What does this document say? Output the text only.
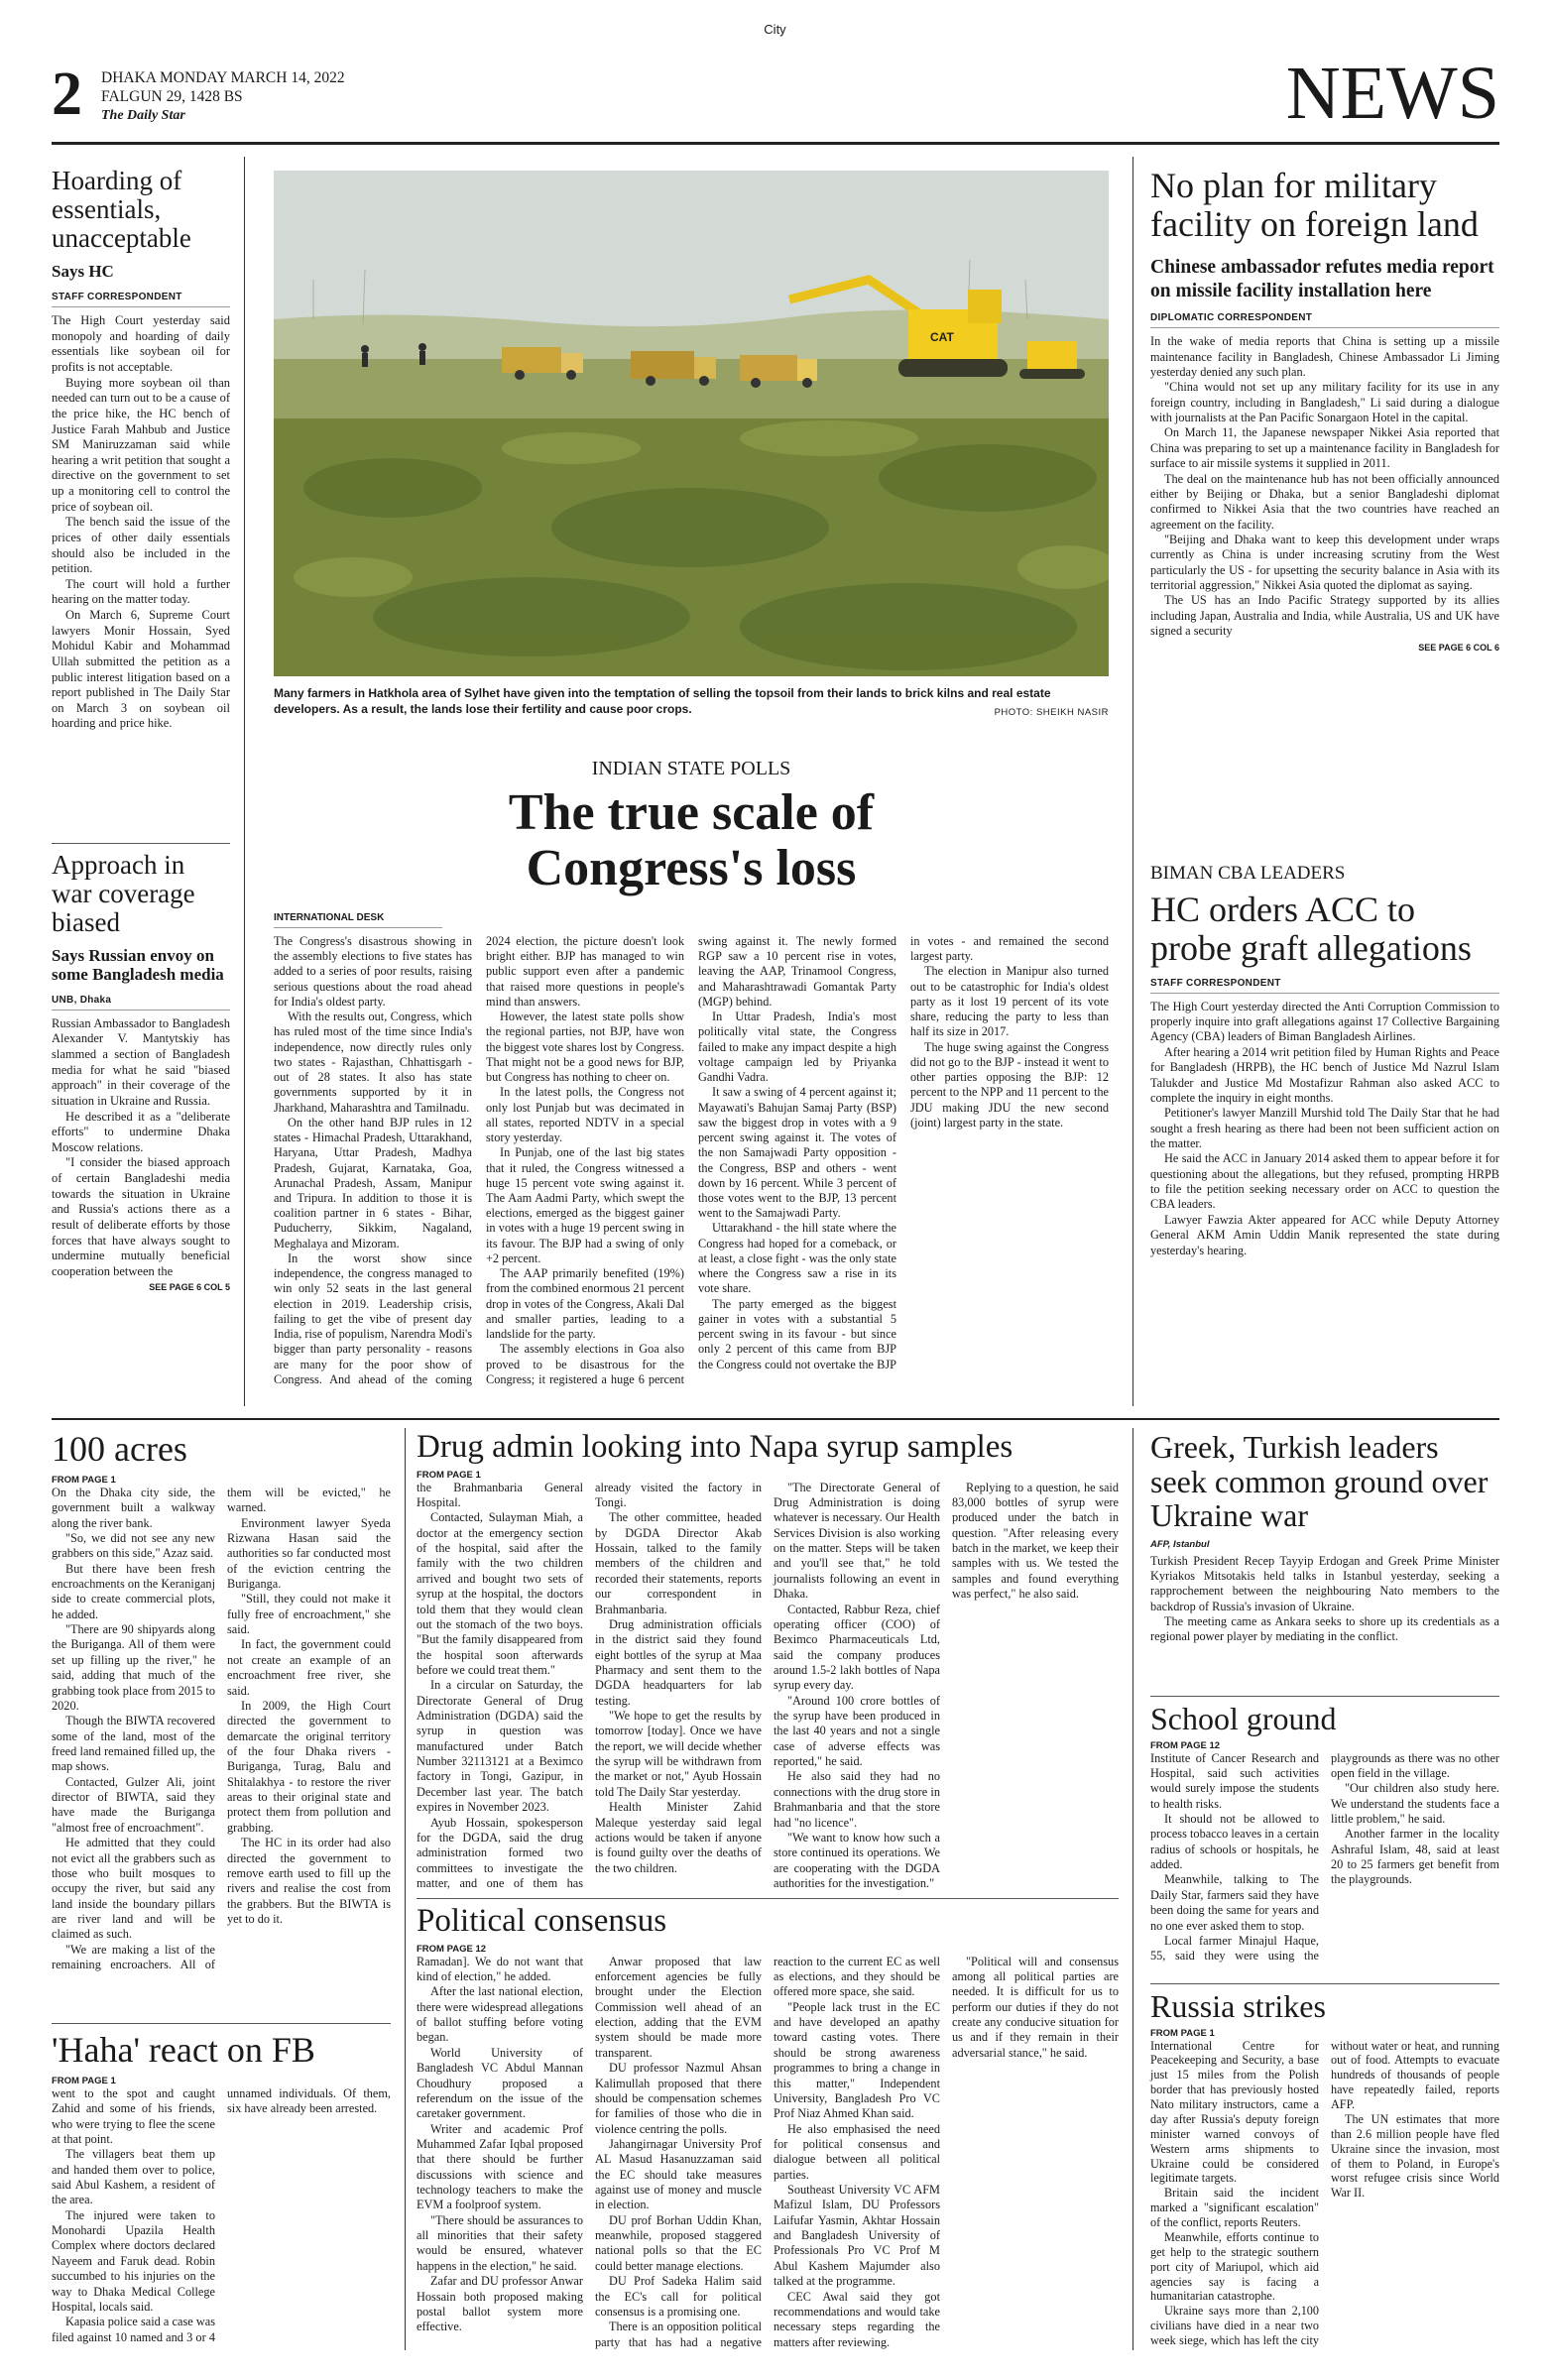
City
2 DHAKA MONDAY MARCH 14, 2022
FALGUN 29, 1428 BS
The Daily Star	NEWS
Hoarding of essentials, unacceptable
Says HC
STAFF CORRESPONDENT

The High Court yesterday said monopoly and hoarding of daily essentials like soybean oil for profits is not acceptable.

Buying more soybean oil than needed can turn out to be a cause of the price hike, the HC bench of Justice Farah Mahbub and Justice SM Maniruzzaman said while hearing a writ petition that sought a directive on the government to set up a monitoring cell to control the price of soybean oil.

The bench said the issue of the prices of other daily essentials should also be included in the petition.

The court will hold a further hearing on the matter today.

On March 6, Supreme Court lawyers Monir Hossain, Syed Mohidul Kabir and Mohammad Ullah submitted the petition as a public interest litigation based on a report published in The Daily Star on March 3 on soybean oil hoarding and price hike.

Approach in war coverage biased
Says Russian envoy on some Bangladesh media
UNB, Dhaka

Russian Ambassador to Bangladesh Alexander V. Mantytskiy has slammed a section of Bangladesh media for what he said "biased approach" in their coverage of the situation in Ukraine and Russia.

He described it as a "deliberate efforts" to undermine Dhaka Moscow relations.

"I consider the biased approach of certain Bangladeshi media towards the situation in Ukraine and Russia's actions there as a result of deliberate efforts by those forces that have always sought to undermine mutually beneficial cooperation between the

SEE PAGE 6 COL 5
CAT
Many farmers in Hatkhola area of Sylhet have given into the temptation of selling the topsoil from their lands to brick kilns and real estate developers. As a result, the lands lose their fertility and cause poor crops.	PHOTO: SHEIKH NASIR
INDIAN STATE POLLS
The true scale of Congress's loss
INTERNATIONAL DESK

The Congress's disastrous showing in the assembly elections to five states has added to a series of poor results, raising serious questions about the road ahead for India's oldest party.

With the results out, Congress, which has ruled most of the time since India's independence, now directly rules only two states - Rajasthan, Chhattisgarh - out of 28 states. It also has state governments supported by it in Jharkhand, Maharashtra and Tamilnadu.

On the other hand BJP rules in 12 states - Himachal Pradesh, Uttarakhand, Haryana, Uttar Pradesh, Madhya Pradesh, Gujarat, Karnataka, Goa, Arunachal Pradesh, Assam, Manipur and Tripura. In addition to those it is coalition partner in 6 states - Bihar, Puducherry, Sikkim, Nagaland, Meghalaya and Mizoram.

In the worst show since independence, the congress managed to win only 52 seats in the last general election in 2019. Leadership crisis, failing to get the vibe of present day India, rise of populism, Narendra Modi's bigger than party personality - reasons are many for the poor show of Congress. And ahead of the coming 2024 election, the picture doesn't look bright either. BJP has managed to win public support even after a pandemic that raised more questions in people's mind than answers.

However, the latest state polls show the regional parties, not BJP, have won the biggest vote shares lost by Congress. That might not be a good news for BJP, but Congress has nothing to cheer on.

In the latest polls, the Congress not only lost Punjab but was decimated in all states, reported NDTV in a special story yesterday.

In Punjab, one of the last big states that it ruled, the Congress witnessed a huge 15 percent vote swing against it. The Aam Aadmi Party, which swept the elections, emerged as the biggest gainer in votes with a huge 19 percent swing in its favour. The BJP had a swing of only +2 percent.

The AAP primarily benefited (19%) from the combined enormous 21 percent drop in votes of the Congress, Akali Dal and smaller parties, leading to a landslide for the party.

The assembly elections in Goa also proved to be disastrous for the Congress; it registered a huge 6 percent swing against it. The newly formed RGP saw a 10 percent rise in votes, leaving the AAP, Trinamool Congress, and Maharashtrawadi Gomantak Party (MGP) behind.

In Uttar Pradesh, India's most politically vital state, the Congress failed to make any impact despite a high voltage campaign led by Priyanka Gandhi Vadra.

It saw a swing of 4 percent against it; Mayawati's Bahujan Samaj Party (BSP) saw the biggest drop in votes with a 9 percent swing against it. The votes of the non Samajwadi Party opposition - the Congress, BSP and others - went down by 16 percent. While 3 percent of those votes went to the BJP, 13 percent went to the Samajwadi Party.

Uttarakhand - the hill state where the Congress had hoped for a comeback, or at least, a close fight - was the only state where the Congress saw a rise in its vote share.

The party emerged as the biggest gainer in votes with a substantial 5 percent swing in its favour - but since only 2 percent of this came from BJP the Congress could not overtake the BJP in votes - and remained the second largest party.

The election in Manipur also turned out to be catastrophic for India's oldest party as it lost 19 percent of its vote share, reducing the party to less than half its size in 2017.

The huge swing against the Congress did not go to the BJP - instead it went to other parties opposing the BJP: 12 percent to the NPP and 11 percent to the JDU making JDU the new second (joint) largest party in the state.

No plan for military facility on foreign land
Chinese ambassador refutes media report on missile facility installation here
DIPLOMATIC CORRESPONDENT

In the wake of media reports that China is setting up a missile maintenance facility in Bangladesh, Chinese Ambassador Li Jiming yesterday denied any such plan.

"China would not set up any military facility for its use in any foreign country, including in Bangladesh," Li said during a dialogue with journalists at the Pan Pacific Sonargaon Hotel in the capital.

On March 11, the Japanese newspaper Nikkei Asia reported that China was preparing to set up a maintenance facility in Bangladesh for surface to air missile systems it supplied in 2011.

The deal on the maintenance hub has not been officially announced either by Beijing or Dhaka, but a senior Bangladeshi diplomat confirmed to Nikkei Asia that the two countries have reached an agreement on the facility.

"Beijing and Dhaka want to keep this development under wraps currently as China is under increasing scrutiny from the West particularly the US - for upsetting the security balance in Asia with its territorial aggression," Nikkei Asia quoted the diplomat as saying.

The US has an Indo Pacific Strategy supported by its allies including Japan, Australia and India, while Australia, US and UK have signed a security

SEE PAGE 6 COL 6
BIMAN CBA LEADERS
HC orders ACC to probe graft allegations
STAFF CORRESPONDENT

The High Court yesterday directed the Anti Corruption Commission to properly inquire into graft allegations against 17 Collective Bargaining Agency (CBA) leaders of Biman Bangladesh Airlines.

After hearing a 2014 writ petition filed by Human Rights and Peace for Bangladesh (HRPB), the HC bench of Justice Md Nazrul Islam Talukder and Justice Md Mostafizur Rahman also asked ACC to complete the inquiry in eight months.

Petitioner's lawyer Manzill Murshid told The Daily Star that he had sought a fresh hearing as there had been not been sufficient action on the matter.

He said the ACC in January 2014 asked them to appear before it for questioning about the allegations, but they refused, prompting HRPB to file the petition seeking necessary order on ACC to question the CBA leaders.

Lawyer Fawzia Akter appeared for ACC while Deputy Attorney General AKM Amin Uddin Manik represented the state during yesterday's hearing.

100 acres
FROM PAGE 1

On the Dhaka city side, the government built a walkway along the river bank.

"So, we did not see any new grabbers on this side," Azaz said.

But there have been fresh encroachments on the Keraniganj side to create commercial plots, he added.

"There are 90 shipyards along the Buriganga. All of them were set up filling up the river," he said, adding that much of the grabbing took place from 2015 to 2020.

Though the BIWTA recovered some of the land, most of the freed land remained filled up, the map shows.

Contacted, Gulzer Ali, joint director of BIWTA, said they have made the Buriganga "almost free of encroachment".

He admitted that they could not evict all the grabbers such as those who built mosques to occupy the river, but said any land inside the boundary pillars are river land and will be claimed as such.

"We are making a list of the remaining encroachers. All of them will be evicted," he warned.

Environment lawyer Syeda Rizwana Hasan said the authorities so far conducted most of the eviction centring the Buriganga.

"Still, they could not make it fully free of encroachment," she said.

In fact, the government could not create an example of an encroachment free river, she said.

In 2009, the High Court directed the government to demarcate the original territory of the four Dhaka rivers - Buriganga, Turag, Balu and Shitalakhya - to restore the river areas to their original state and protect them from pollution and grabbing.

The HC in its order had also directed the government to remove earth used to fill up the rivers and realise the cost from the grabbers. But the BIWTA is yet to do it.

'Haha' react on FB
FROM PAGE 1

went to the spot and caught Zahid and some of his friends, who were trying to flee the scene at that point.

The villagers beat them up and handed them over to police, said Abul Kashem, a resident of the area.

The injured were taken to Monohardi Upazila Health Complex where doctors declared Nayeem and Faruk dead. Robin succumbed to his injuries on the way to Dhaka Medical College Hospital, locals said.

Kapasia police said a case was filed against 10 named and 3 or 4 unnamed individuals. Of them, six have already been arrested.

Drug admin looking into Napa syrup samples
FROM PAGE 1

the Brahmanbaria General Hospital.

Contacted, Sulayman Miah, a doctor at the emergency section of the hospital, said after the family with the two children arrived and bought two sets of syrup at the hospital, the doctors told them that they would clean out the stomach of the two boys. "But the family disappeared from the hospital soon afterwards before we could treat them."

In a circular on Saturday, the Directorate General of Drug Administration (DGDA) said the syrup in question was manufactured under Batch Number 32113121 at a Beximco factory in Tongi, Gazipur, in December last year. The batch expires in November 2023.

Ayub Hossain, spokesperson for the DGDA, said the drug administration formed two committees to investigate the matter, and one of them has already visited the factory in Tongi.

The other committee, headed by DGDA Director Akab Hossain, talked to the family members of the children and recorded their statements, reports our correspondent in Brahmanbaria.

Drug administration officials in the district said they found eight bottles of the syrup at Maa Pharmacy and sent them to the DGDA headquarters for lab testing.

"We hope to get the results by tomorrow [today]. Once we have the report, we will decide whether the syrup will be withdrawn from the market or not," Ayub Hossain told The Daily Star yesterday.

Health Minister Zahid Maleque yesterday said legal actions would be taken if anyone is found guilty over the deaths of the two children.

"The Directorate General of Drug Administration is doing whatever is necessary. Our Health Services Division is also working on the matter. Steps will be taken and you'll see that," he told journalists following an event in Dhaka.

Contacted, Rabbur Reza, chief operating officer (COO) of Beximco Pharmaceuticals Ltd, said the company produces around 1.5-2 lakh bottles of Napa syrup every day.

"Around 100 crore bottles of the syrup have been produced in the last 40 years and not a single case of adverse effects was reported," he said.

He also said they had no connections with the drug store in Brahmanbaria and that the store had "no licence".

"We want to know how such a store continued its operations. We are cooperating with the DGDA authorities for the investigation."

Replying to a question, he said 83,000 bottles of syrup were produced under the batch in question. "After releasing every batch in the market, we keep their samples with us. We tested the samples and found everything was perfect," he also said.

Political consensus
FROM PAGE 12

Ramadan]. We do not want that kind of election," he added.

After the last national election, there were widespread allegations of ballot stuffing before voting began.

World University of Bangladesh VC Abdul Mannan Choudhury proposed a referendum on the issue of the caretaker government.

Writer and academic Prof Muhammed Zafar Iqbal proposed that there should be further discussions with science and technology teachers to make the EVM a foolproof system.

"There should be assurances to all minorities that their safety would be ensured, whatever happens in the election," he said.

Zafar and DU professor Anwar Hossain both proposed making postal ballot system more effective.

Anwar proposed that law enforcement agencies be fully brought under the Election Commission well ahead of an election, adding that the EVM system should be made more transparent.

DU professor Nazmul Ahsan Kalimullah proposed that there should be compensation schemes for families of those who die in violence centring the polls.

Jahangirnagar University Prof AL Masud Hasanuzzaman said the EC should take measures against use of money and muscle in election.

DU prof Borhan Uddin Khan, meanwhile, proposed staggered national polls so that the EC could better manage elections.

DU Prof Sadeka Halim said the EC's call for political consensus is a promising one.

There is an opposition political party that has had a negative reaction to the current EC as well as elections, and they should be offered more space, she said.

"People lack trust in the EC and have developed an apathy toward casting votes. There should be strong awareness programmes to bring a change in this matter," Independent University, Bangladesh Pro VC Prof Niaz Ahmed Khan said.

He also emphasised the need for political consensus and dialogue between all political parties.

Southeast University VC AFM Mafizul Islam, DU Professors Laifufar Yasmin, Akhtar Hossain and Bangladesh University of Professionals Pro VC Prof M Abul Kashem Majumder also talked at the programme.

CEC Awal said they got recommendations and would take necessary steps regarding the matters after reviewing.

"Political will and consensus among all political parties are needed. It is difficult for us to perform our duties if they do not create any conducive situation for us and if they remain in their adversarial stance," he said.

Greek, Turkish leaders seek common ground over Ukraine war
AFP, Istanbul

Turkish President Recep Tayyip Erdogan and Greek Prime Minister Kyriakos Mitsotakis held talks in Istanbul yesterday, seeking a rapprochement between the neighbouring Nato members to the backdrop of Russia's invasion of Ukraine.

The meeting came as Ankara seeks to shore up its credentials as a regional power player by mediating in the conflict.

School ground
FROM PAGE 12

Institute of Cancer Research and Hospital, said such activities would surely impose the students to health risks.

It should not be allowed to process tobacco leaves in a certain radius of schools or hospitals, he added.

Meanwhile, talking to The Daily Star, farmers said they have been doing the same for years and no one ever asked them to stop.

Local farmer Minajul Haque, 55, said they were using the playgrounds as there was no other open field in the village.

"Our children also study here. We understand the students face a little problem," he said.

Another farmer in the locality Ashraful Islam, 48, said at least 20 to 25 farmers get benefit from the playgrounds.

Russia strikes
FROM PAGE 1

International Centre for Peacekeeping and Security, a base just 15 miles from the Polish border that has previously hosted Nato military instructors, came a day after Russia's deputy foreign minister warned convoys of Western arms shipments to Ukraine could be considered legitimate targets.

Britain said the incident marked a "significant escalation" of the conflict, reports Reuters.

Meanwhile, efforts continue to get help to the strategic southern port city of Mariupol, which aid agencies say is facing a humanitarian catastrophe.

Ukraine says more than 2,100 civilians have died in a near two week siege, which has left the city without water or heat, and running out of food. Attempts to evacuate hundreds of thousands of people have repeatedly failed, reports AFP.

The UN estimates that more than 2.6 million people have fled Ukraine since the invasion, most of them to Poland, in Europe's worst refugee crisis since World War II.
